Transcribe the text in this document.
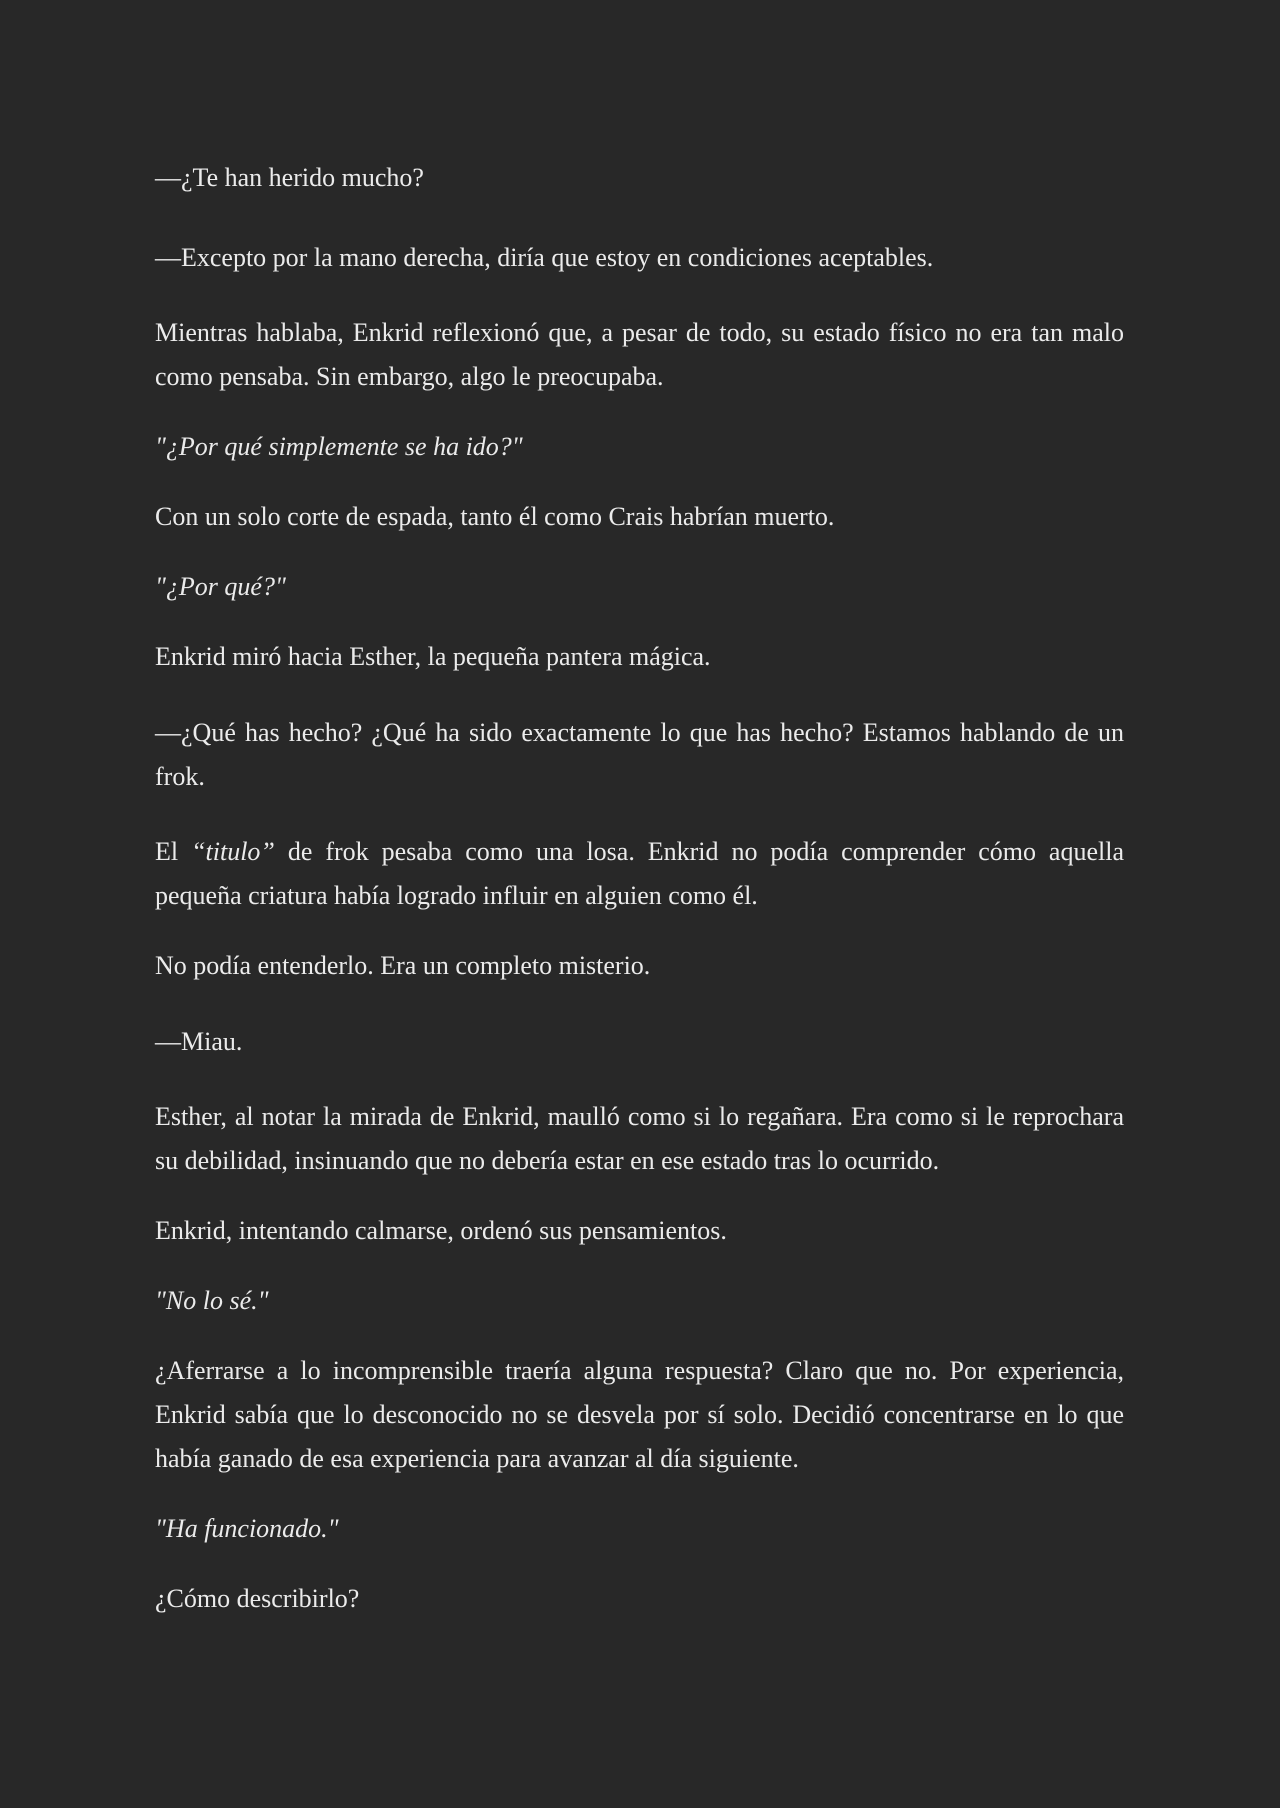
—¿Te han herido mucho?

—Excepto por la mano derecha, diría que estoy en condiciones aceptables.

Mientras hablaba, Enkrid reflexionó que, a pesar de todo, su estado físico no era tan malo como pensaba. Sin embargo, algo le preocupaba.

"¿Por qué simplemente se ha ido?"

Con un solo corte de espada, tanto él como Crais habrían muerto.

"¿Por qué?"

Enkrid miró hacia Esther, la pequeña pantera mágica.

—¿Qué has hecho? ¿Qué ha sido exactamente lo que has hecho? Estamos hablando de un frok.

El “titulo” de frok pesaba como una losa. Enkrid no podía comprender cómo aquella pequeña criatura había logrado influir en alguien como él.

No podía entenderlo. Era un completo misterio.

—Miau.

Esther, al notar la mirada de Enkrid, maulló como si lo regañara. Era como si le reprochara su debilidad, insinuando que no debería estar en ese estado tras lo ocurrido.

Enkrid, intentando calmarse, ordenó sus pensamientos.

"No lo sé."

¿Aferrarse a lo incomprensible traería alguna respuesta? Claro que no. Por experiencia, Enkrid sabía que lo desconocido no se desvela por sí solo. Decidió concentrarse en lo que había ganado de esa experiencia para avanzar al día siguiente.

"Ha funcionado."

¿Cómo describirlo?
